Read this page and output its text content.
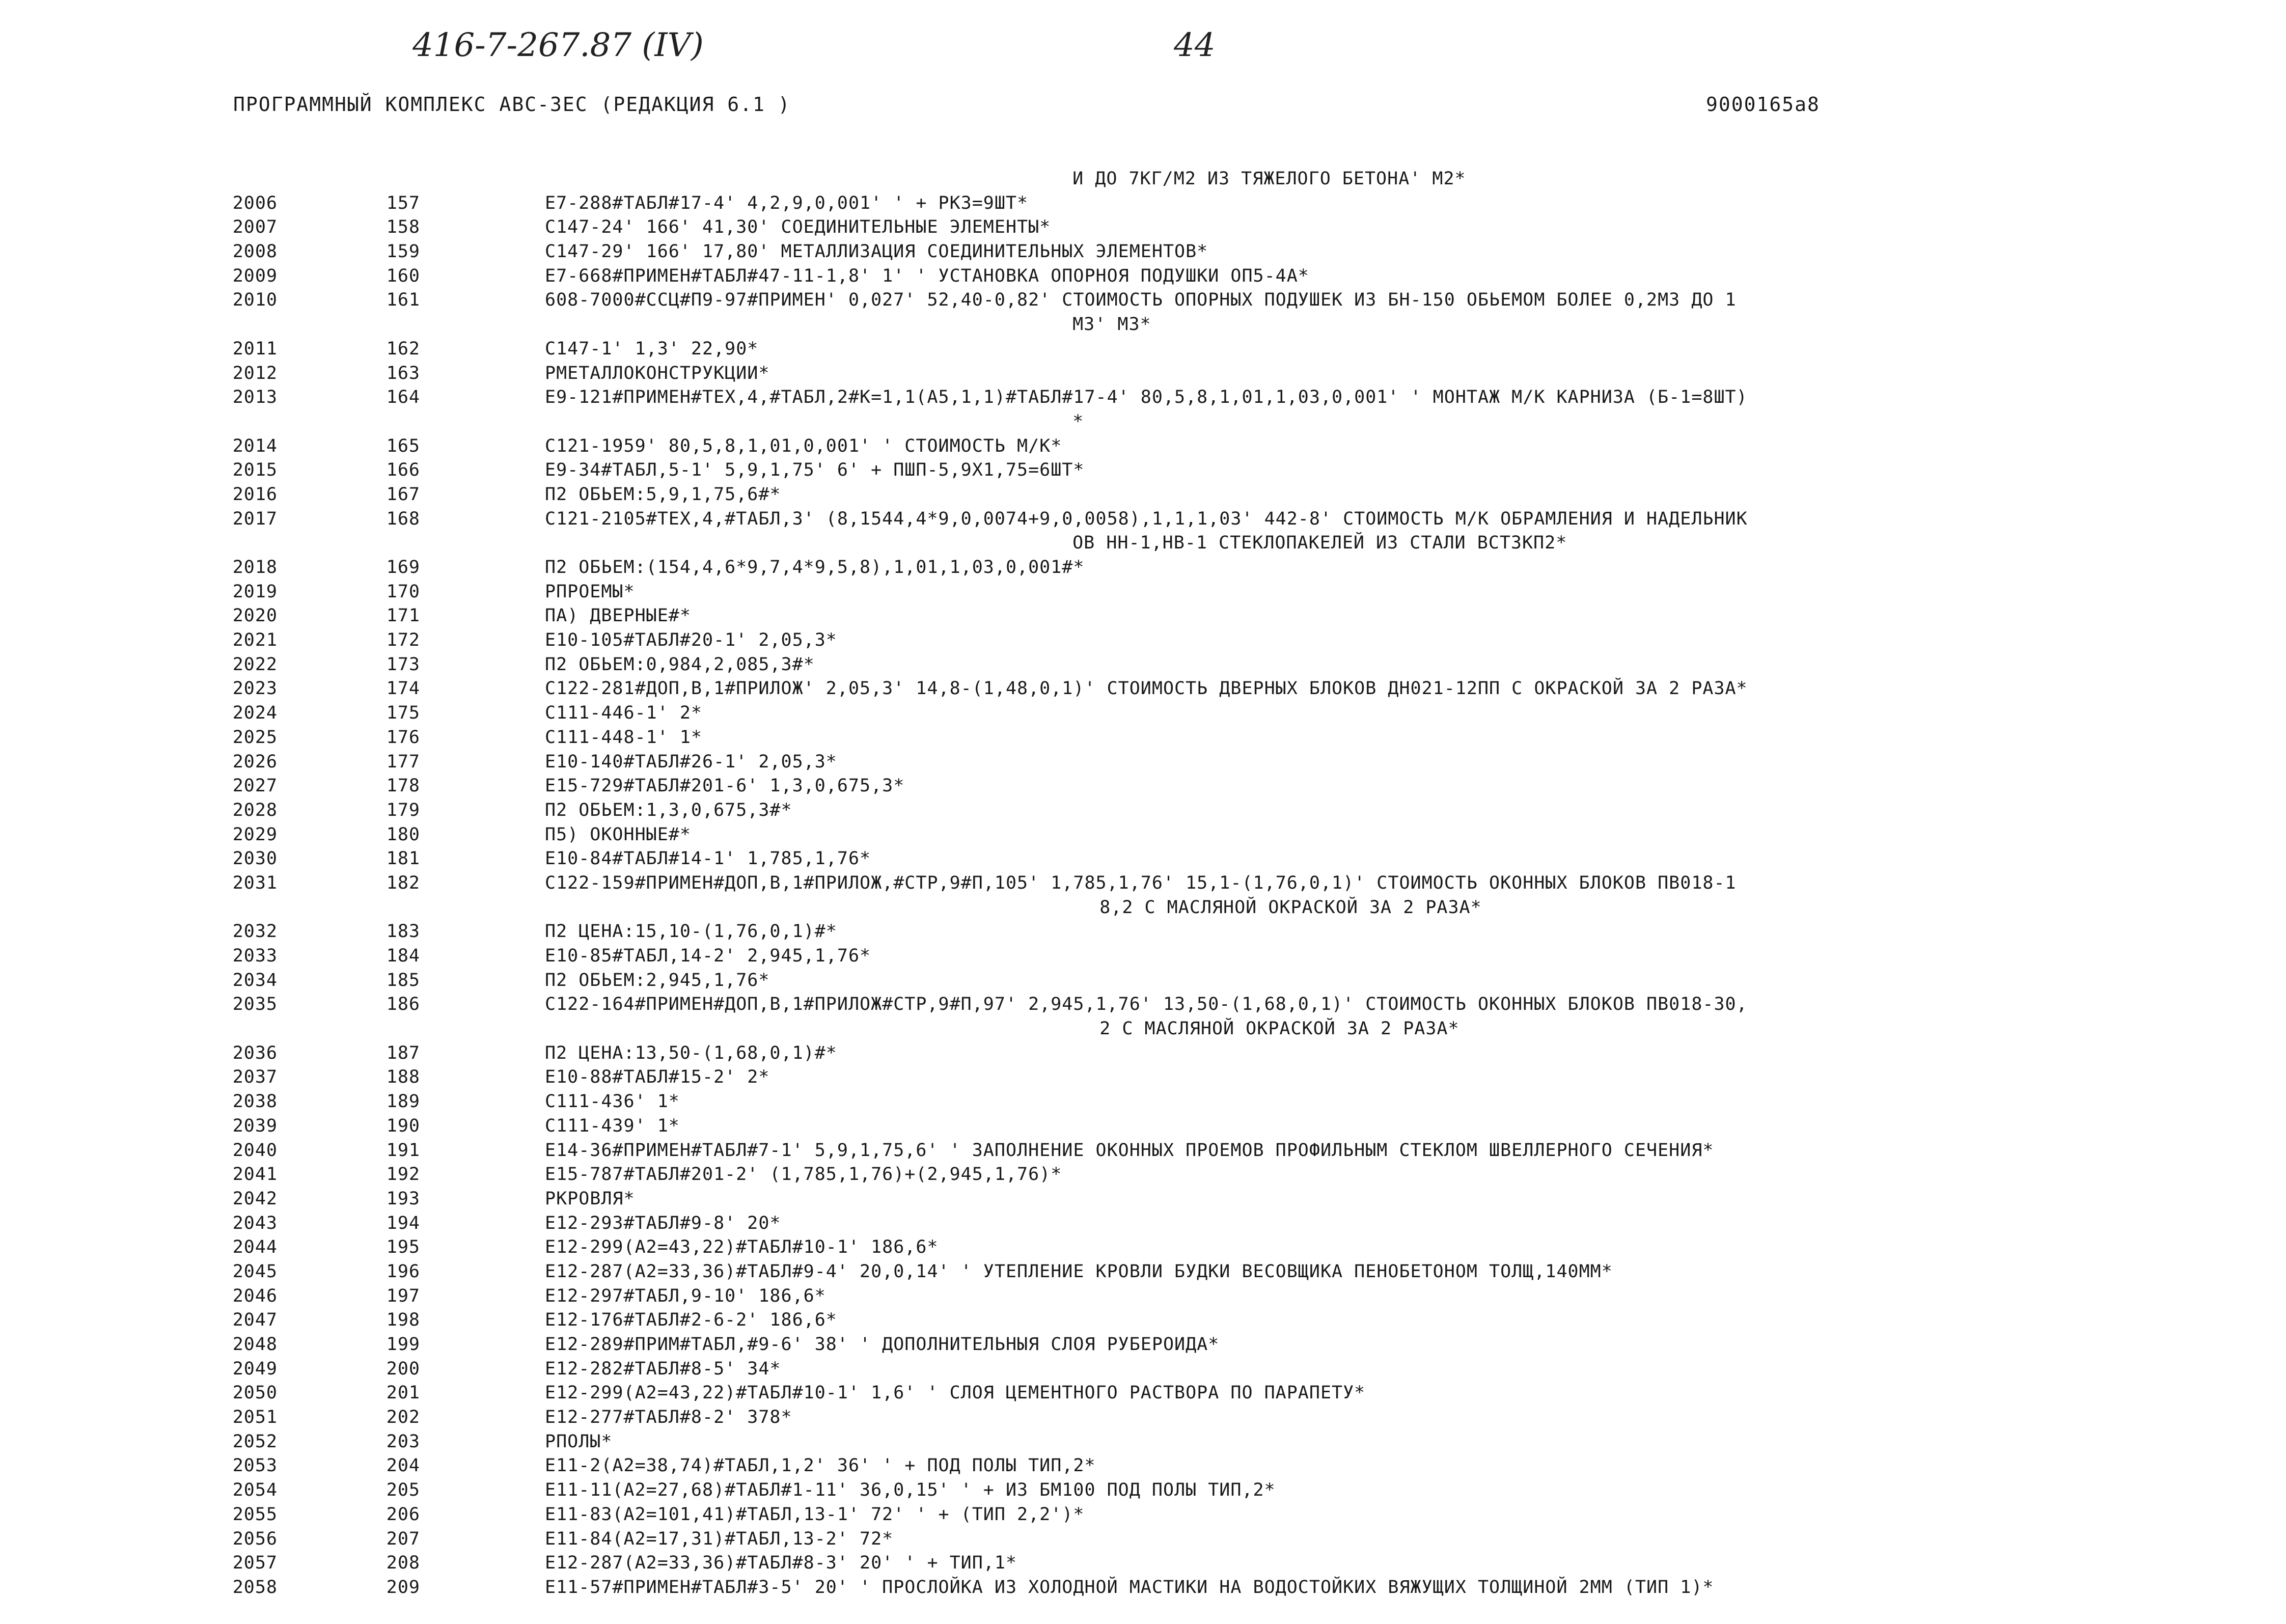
416-7-267.87 (IV)	44
ПРОГРАММНЫЙ КОМПЛЕКС АВС-3ЕС (РЕДАКЦИЯ 6.1 )	9000165а8
И ДО 7КГ/М2 ИЗ ТЯЖЕЛОГО БЕТОНА' М2*
2006	157	Е7-288#ТАБЛ#17-4' 4,2,9,0,001' ' + РК3=9ШТ*
2007	158	С147-24' 166' 41,30' СОЕДИНИТЕЛЬНЫЕ ЭЛЕМЕНТЫ*
2008	159	С147-29' 166' 17,80' МЕТАЛЛИЗАЦИЯ СОЕДИНИТЕЛЬНЫХ ЭЛЕМЕНТОВ*
2009	160	Е7-668#ПРИМЕН#ТАБЛ#47-11-1,8' 1' ' УСТАНОВКА ОПОРНОЯ ПОДУШКИ ОП5-4А*
2010	161	608-7000#ССЦ#П9-97#ПРИМЕН' 0,027' 52,40-0,82' СТОИМОСТЬ ОПОРНЫХ ПОДУШЕК ИЗ БН-150 ОБЬЕМОМ БОЛЕЕ 0,2М3 ДО 1
М3' М3*
2011	162	С147-1' 1,3' 22,90*
2012	163	РМЕТАЛЛОКОНСТРУКЦИИ*
2013	164	Е9-121#ПРИМЕН#ТЕХ,4,#ТАБЛ,2#К=1,1(А5,1,1)#ТАБЛ#17-4' 80,5,8,1,01,1,03,0,001' ' МОНТАЖ М/К КАРНИЗА (Б-1=8ШТ)
*
2014	165	С121-1959' 80,5,8,1,01,0,001' ' СТОИМОСТЬ М/К*
2015	166	Е9-34#ТАБЛ,5-1' 5,9,1,75' 6' + ПШП-5,9Х1,75=6ШТ*
2016	167	П2 ОБЬЕМ:5,9,1,75,6#*
2017	168	С121-2105#ТЕХ,4,#ТАБЛ,3' (8,1544,4*9,0,0074+9,0,0058),1,1,1,03' 442-8' СТОИМОСТЬ М/К ОБРАМЛЕНИЯ И НАДЕЛЬНИК
ОВ НН-1,НВ-1 СТЕКЛОПАКЕЛЕЙ ИЗ СТАЛИ ВСТ3КП2*
2018	169	П2 ОБЬЕМ:(154,4,6*9,7,4*9,5,8),1,01,1,03,0,001#*
2019	170	РПРОЕМЫ*
2020	171	ПА) ДВЕРНЫЕ#*
2021	172	Е10-105#ТАБЛ#20-1' 2,05,3*
2022	173	П2 ОБЬЕМ:0,984,2,085,3#*
2023	174	С122-281#ДОП,В,1#ПРИЛОЖ' 2,05,3' 14,8-(1,48,0,1)' СТОИМОСТЬ ДВЕРНЫХ БЛОКОВ ДН021-12ПП С ОКРАСКОЙ ЗА 2 РАЗА*
2024	175	С111-446-1' 2*
2025	176	С111-448-1' 1*
2026	177	Е10-140#ТАБЛ#26-1' 2,05,3*
2027	178	Е15-729#ТАБЛ#201-6' 1,3,0,675,3*
2028	179	П2 ОБЬЕМ:1,3,0,675,3#*
2029	180	П5) ОКОННЫЕ#*
2030	181	Е10-84#ТАБЛ#14-1' 1,785,1,76*
2031	182	С122-159#ПРИМЕН#ДОП,В,1#ПРИЛОЖ,#СТР,9#П,105' 1,785,1,76' 15,1-(1,76,0,1)' СТОИМОСТЬ ОКОННЫХ БЛОКОВ ПВ018-1
8,2 С МАСЛЯНОЙ ОКРАСКОЙ ЗА 2 РАЗА*
2032	183	П2 ЦЕНА:15,10-(1,76,0,1)#*
2033	184	Е10-85#ТАБЛ,14-2' 2,945,1,76*
2034	185	П2 ОБЬЕМ:2,945,1,76*
2035	186	С122-164#ПРИМЕН#ДОП,В,1#ПРИЛОЖ#СТР,9#П,97' 2,945,1,76' 13,50-(1,68,0,1)' СТОИМОСТЬ ОКОННЫХ БЛОКОВ ПВ018-30,
2 С МАСЛЯНОЙ ОКРАСКОЙ ЗА 2 РАЗА*
2036	187	П2 ЦЕНА:13,50-(1,68,0,1)#*
2037	188	Е10-88#ТАБЛ#15-2' 2*
2038	189	С111-436' 1*
2039	190	С111-439' 1*
2040	191	Е14-36#ПРИМЕН#ТАБЛ#7-1' 5,9,1,75,6' ' ЗАПОЛНЕНИЕ ОКОННЫХ ПРОЕМОВ ПРОФИЛЬНЫМ СТЕКЛОМ ШВЕЛЛЕРНОГО СЕЧЕНИЯ*
2041	192	Е15-787#ТАБЛ#201-2' (1,785,1,76)+(2,945,1,76)*
2042	193	РКРОВЛЯ*
2043	194	Е12-293#ТАБЛ#9-8' 20*
2044	195	Е12-299(А2=43,22)#ТАБЛ#10-1' 186,6*
2045	196	Е12-287(А2=33,36)#ТАБЛ#9-4' 20,0,14' ' УТЕПЛЕНИЕ КРОВЛИ БУДКИ ВЕСОВЩИКА ПЕНОБЕТОНОМ ТОЛЩ,140ММ*
2046	197	Е12-297#ТАБЛ,9-10' 186,6*
2047	198	Е12-176#ТАБЛ#2-6-2' 186,6*
2048	199	Е12-289#ПРИМ#ТАБЛ,#9-6' 38' ' ДОПОЛНИТЕЛЬНЫЯ СЛОЯ РУБЕРОИДА*
2049	200	Е12-282#ТАБЛ#8-5' 34*
2050	201	Е12-299(А2=43,22)#ТАБЛ#10-1' 1,6' ' СЛОЯ ЦЕМЕНТНОГО РАСТВОРА ПО ПАРАПЕТУ*
2051	202	Е12-277#ТАБЛ#8-2' 378*
2052	203	РПОЛЫ*
2053	204	Е11-2(А2=38,74)#ТАБЛ,1,2' 36' ' + ПОД ПОЛЫ ТИП,2*
2054	205	Е11-11(А2=27,68)#ТАБЛ#1-11' 36,0,15' ' + ИЗ БМ100 ПОД ПОЛЫ ТИП,2*
2055	206	Е11-83(А2=101,41)#ТАБЛ,13-1' 72' ' + (ТИП 2,2')*
2056	207	Е11-84(А2=17,31)#ТАБЛ,13-2' 72*
2057	208	Е12-287(А2=33,36)#ТАБЛ#8-3' 20' ' + ТИП,1*
2058	209	Е11-57#ПРИМЕН#ТАБЛ#3-5' 20' ' ПРОСЛОЙКА ИЗ ХОЛОДНОЙ МАСТИКИ НА ВОДОСТОЙКИХ ВЯЖУЩИХ ТОЛЩИНОЙ 2ММ (ТИП 1)*
